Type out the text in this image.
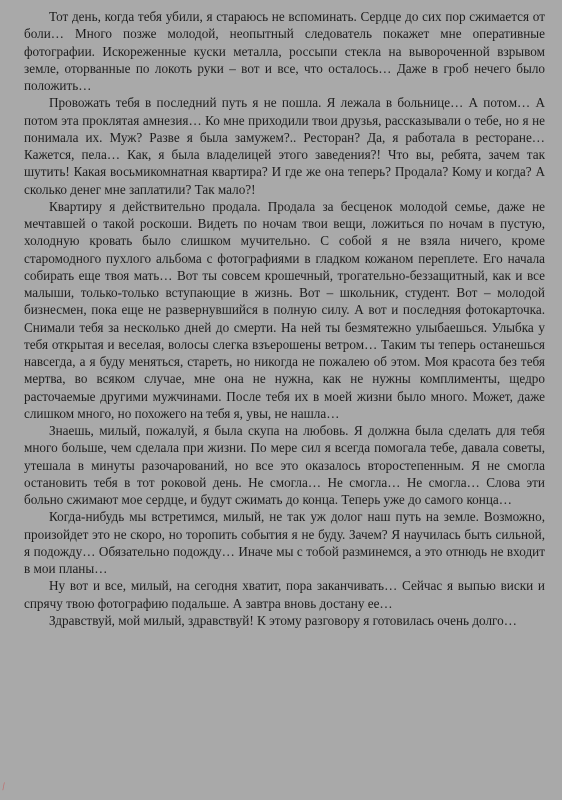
Тот день, когда тебя убили, я стараюсь не вспоминать. Сердце до сих пор сжимается от боли… Много позже молодой, неопытный следователь покажет мне оперативные фотографии. Искореженные куски металла, россыпи стекла на вывороченной взрывом земле, оторванные по локоть руки – вот и все, что осталось… Даже в гроб нечего было положить…

Провожать тебя в последний путь я не пошла. Я лежала в больнице… А потом… А потом эта проклятая амнезия… Ко мне приходили твои друзья, рассказывали о тебе, но я не понимала их. Муж? Разве я была замужем?.. Ресторан? Да, я работала в ресторане… Кажется, пела… Как, я была владелицей этого заведения?! Что вы, ребята, зачем так шутить! Какая восьмикомнатная квартира? И где же она теперь? Продала? Кому и когда? А сколько денег мне заплатили? Так мало?!

Квартиру я действительно продала. Продала за бесценок молодой семье, даже не мечтавшей о такой роскоши. Видеть по ночам твои вещи, ложиться по ночам в пустую, холодную кровать было слишком мучительно. С собой я не взяла ничего, кроме старомодного пухлого альбома с фотографиями в гладком кожаном переплете. Его начала собирать еще твоя мать… Вот ты совсем крошечный, трогательно-беззащитный, как и все малыши, только-только вступающие в жизнь. Вот – школьник, студент. Вот – молодой бизнесмен, пока еще не развернувшийся в полную силу. А вот и последняя фотокарточка. Снимали тебя за несколько дней до смерти. На ней ты безмятежно улыбаешься. Улыбка у тебя открытая и веселая, волосы слегка взъерошены ветром… Таким ты теперь останешься навсегда, а я буду меняться, стареть, но никогда не пожалею об этом. Моя красота без тебя мертва, во всяком случае, мне она не нужна, как не нужны комплименты, щедро расточаемые другими мужчинами. После тебя их в моей жизни было много. Может, даже слишком много, но похожего на тебя я, увы, не нашла…

Знаешь, милый, пожалуй, я была скупа на любовь. Я должна была сделать для тебя много больше, чем сделала при жизни. По мере сил я всегда помогала тебе, давала советы, утешала в минуты разочарований, но все это оказалось второстепенным. Я не смогла остановить тебя в тот роковой день. Не смогла… Не смогла… Не смогла… Слова эти больно сжимают мое сердце, и будут сжимать до конца. Теперь уже до самого конца…

Когда-нибудь мы встретимся, милый, не так уж долог наш путь на земле. Возможно, произойдет это не скоро, но торопить события я не буду. Зачем? Я научилась быть сильной, я подожду… Обязательно подожду… Иначе мы с тобой разминемся, а это отнюдь не входит в мои планы…

Ну вот и все, милый, на сегодня хватит, пора заканчивать… Сейчас я выпью виски и спрячу твою фотографию подальше. А завтра вновь достану ее…

Здравствуй, мой милый, здравствуй! К этому разговору я готовилась очень долго…

⁄
